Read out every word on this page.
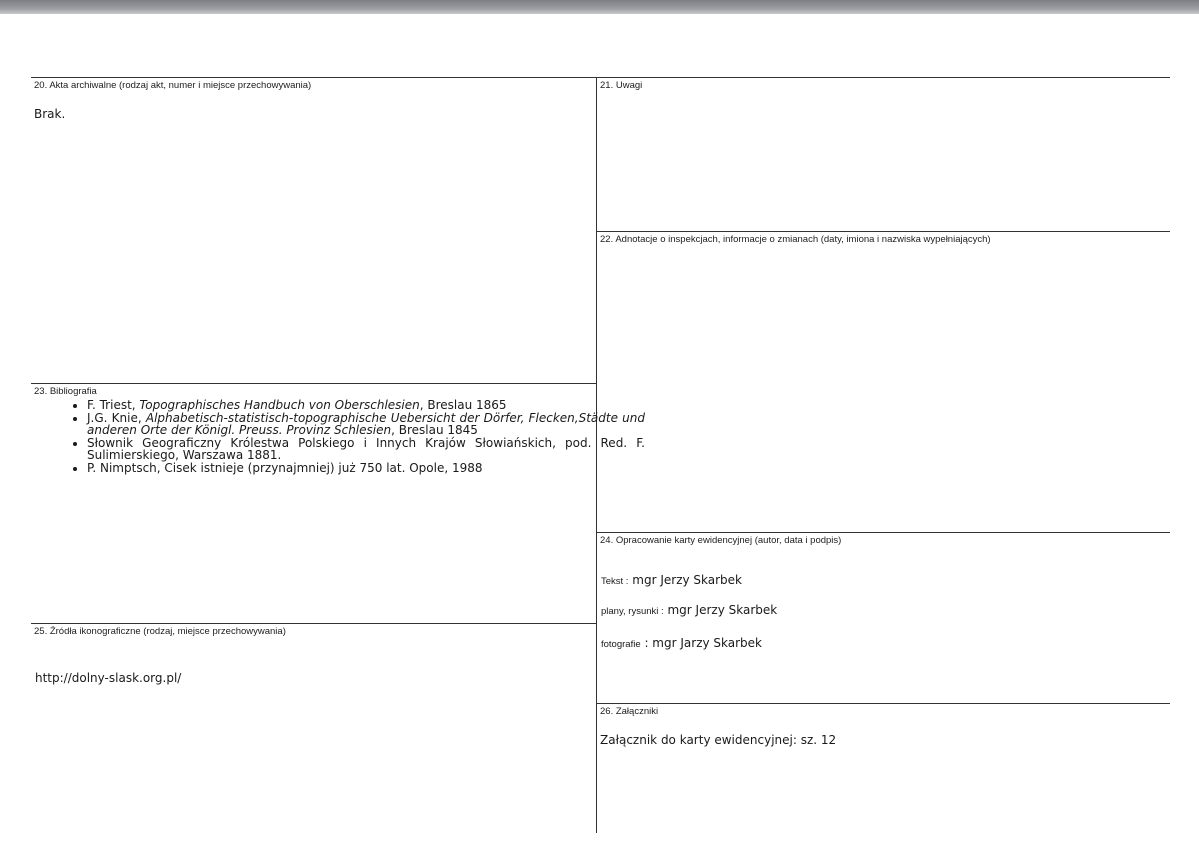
20. Akta archiwalne (rodzaj akt, numer i miejsce przechowywania)
Brak.
21. Uwagi
22. Adnotacje o inspekcjach, informacje o zmianach (daty, imiona i nazwiska wypełniających)
23. Bibliografia
• F. Triest, Topographisches Handbuch von Oberschlesien, Breslau 1865
• J.G. Knie, Alphabetisch-statistisch-topographische Uebersicht der Dörfer, Flecken,Städte und anderen Orte der Königl. Preuss. Provinz Schlesien, Breslau 1845
• Słownik Geograficzny Królestwa Polskiego i Innych Krajów Słowiańskich, pod. Red. F. Sulimierskiego, Warszawa 1881.
• P. Nimptsch, Cisek istnieje (przynajmniej) już 750 lat. Opole, 1988
24. Opracowanie karty ewidencyjnej (autor, data i podpis)
Tekst : mgr Jerzy Skarbek
plany, rysunki : mgr Jerzy Skarbek
fotografie : mgr Jarzy Skarbek
25. Źródła ikonograficzne (rodzaj, miejsce przechowywania)
http://dolny-slask.org.pl/
26. Załączniki
Załącznik do karty ewidencyjnej: sz. 12
